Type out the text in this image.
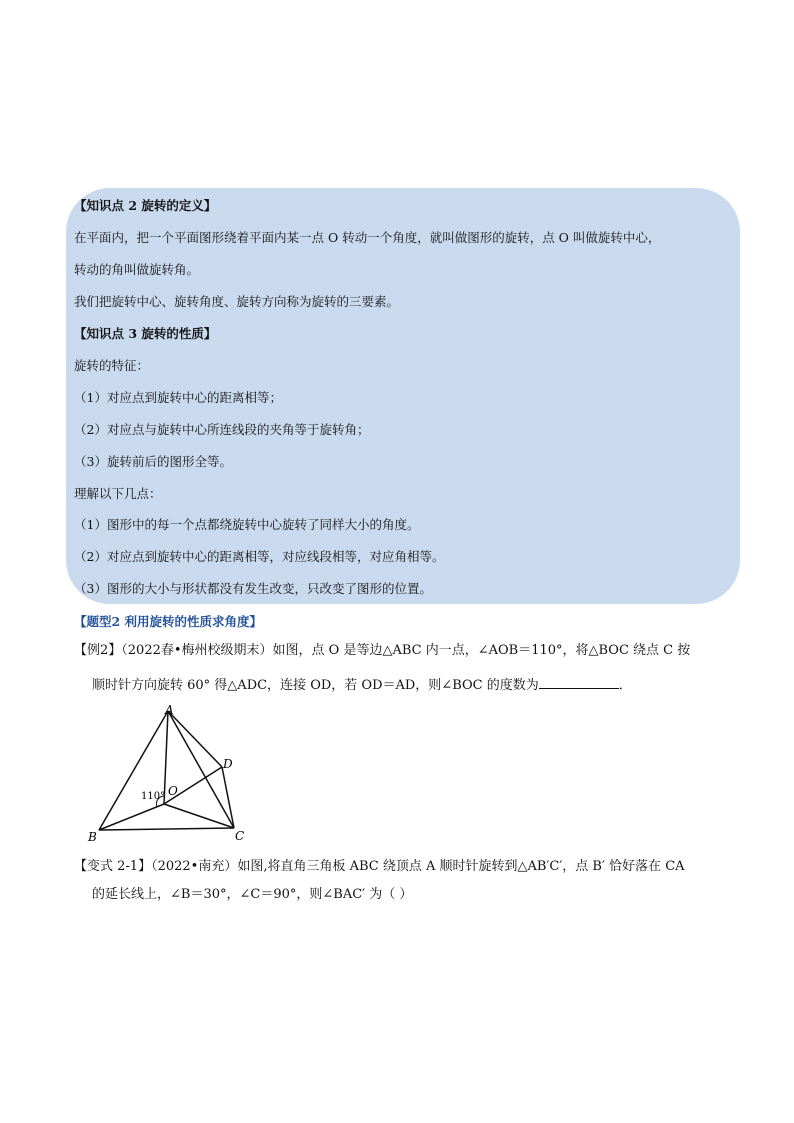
【知识点 2 旋转的定义】
在平面内，把一个平面图形绕着平面内某一点 O 转动一个角度，就叫做图形的旋转，点 O 叫做旋转中心，
转动的角叫做旋转角。
我们把旋转中心、旋转角度、旋转方向称为旋转的三要素。
【知识点 3 旋转的性质】
旋转的特征：
（1）对应点到旋转中心的距离相等；
（2）对应点与旋转中心所连线段的夹角等于旋转角；
（3）旋转前后的图形全等。
理解以下几点：
（1）图形中的每一个点都绕旋转中心旋转了同样大小的角度。
（2）对应点到旋转中心的距离相等，对应线段相等，对应角相等。
（3）图形的大小与形状都没有发生改变，只改变了图形的位置。
【题型2 利用旋转的性质求角度】
【例2】（2022春•梅州校级期末）如图，点 O 是等边△ABC 内一点，∠AOB＝110°，将△BOC 绕点 C 按
顺时针方向旋转 60° 得△ADC，连接 OD，若 OD＝AD，则∠BOC 的度数为	．
A
B	C
D
O
110°
【变式 2-1】（2022•南充）如图,将直角三角板 ABC 绕顶点 A 顺时针旋转到△AB′C′，点 B′ 恰好落在 CA
的延长线上，∠B＝30°，∠C＝90°，则∠BAC′ 为（ ）
